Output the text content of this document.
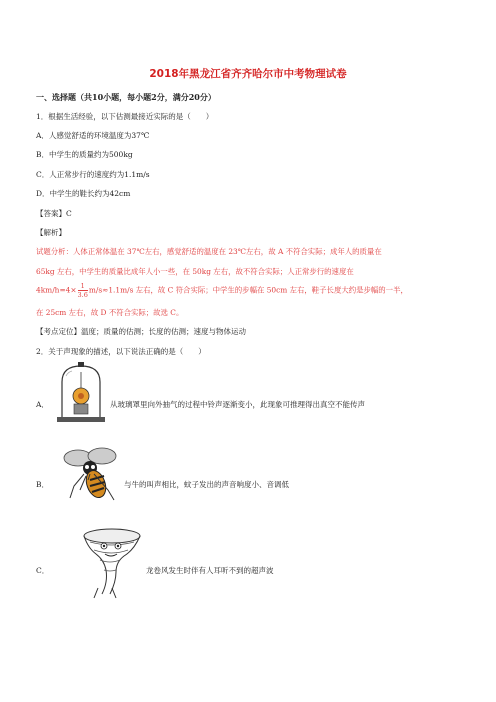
2018年黑龙江省齐齐哈尔市中考物理试卷
一、选择题（共10小题，每小题2分，满分20分）
1．根据生活经验，以下估测最接近实际的是（　　）
A．人感觉舒适的环境温度为37℃
B．中学生的质量约为500kg
C．人正常步行的速度约为1.1m/s
D．中学生的鞋长约为42cm
【答案】C
【解析】
试题分析：人体正常体温在 37℃左右，感觉舒适的温度在 23℃左右，故 A 不符合实际；成年人的质量在
65kg 左右，中学生的质量比成年人小一些，在 50kg 左右，故不符合实际；人正常步行的速度在
$4km/h=4\times \frac{1}{3.6} m/s\approx 1.1m/s$ 左右，故 C 符合实际；中学生的步幅在 50cm 左右，鞋子长度大约是步幅的一半，
在 25cm 左右，故 D 不符合实际；故选 C。
【考点定位】温度；质量的估测；长度的估测；速度与物体运动
2．关于声现象的描述，以下说法正确的是（　　）
A．	从玻璃罩里向外抽气的过程中铃声逐渐变小，此现象可推理得出真空不能传声
B．	与牛的叫声相比，蚊子发出的声音响度小、音调低
C．	龙卷风发生时伴有人耳听不到的超声波
